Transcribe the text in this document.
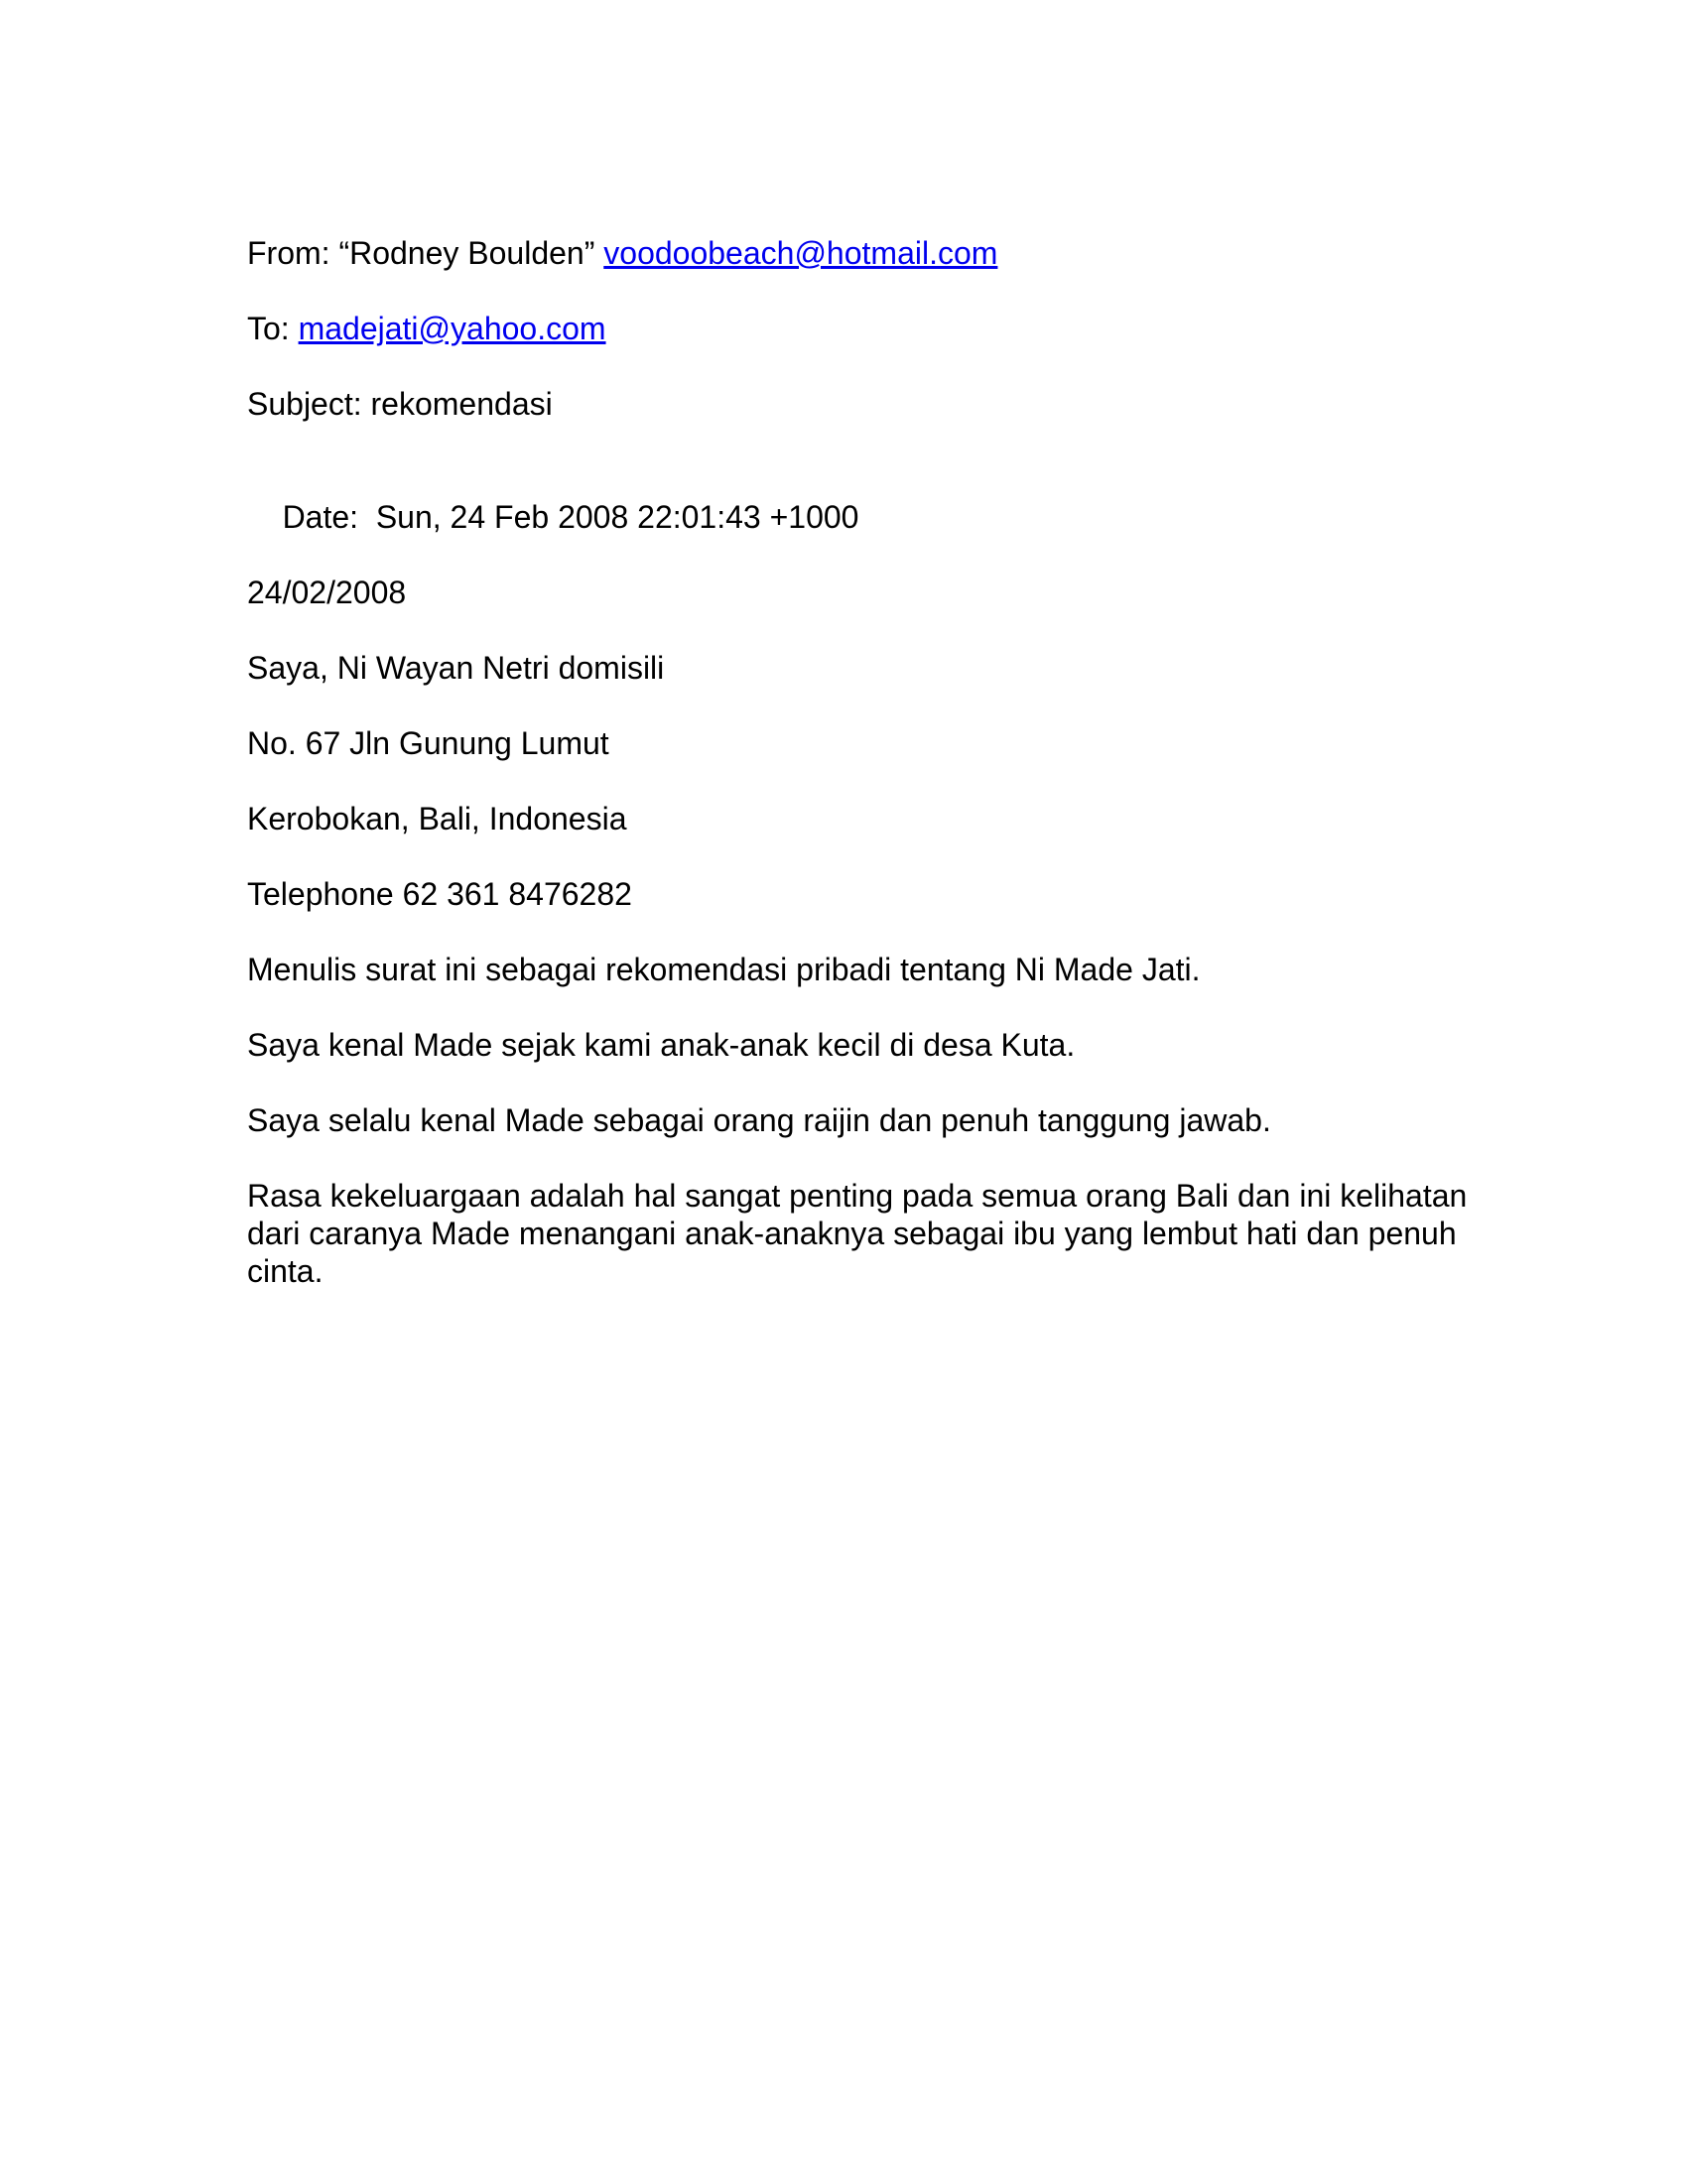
From: “Rodney Boulden” voodoobeach@hotmail.com
To: madejati@yahoo.com
Subject: rekomendasi

Date:  Sun, 24 Feb 2008 22:01:43 +1000

24/02/2008
Saya, Ni Wayan Netri domisili
No. 67 Jln Gunung Lumut
Kerobokan, Bali, Indonesia
Telephone 62 361 8476282
Menulis surat ini sebagai rekomendasi pribadi tentang Ni Made Jati.
Saya kenal Made sejak kami anak-anak kecil di desa Kuta.
Saya selalu kenal Made sebagai orang raijin dan penuh tanggung jawab.
Rasa kekeluargaan adalah hal sangat penting pada semua orang Bali dan ini kelihatan dari caranya Made menangani anak-anaknya sebagai ibu yang lembut hati dan penuh cinta.
